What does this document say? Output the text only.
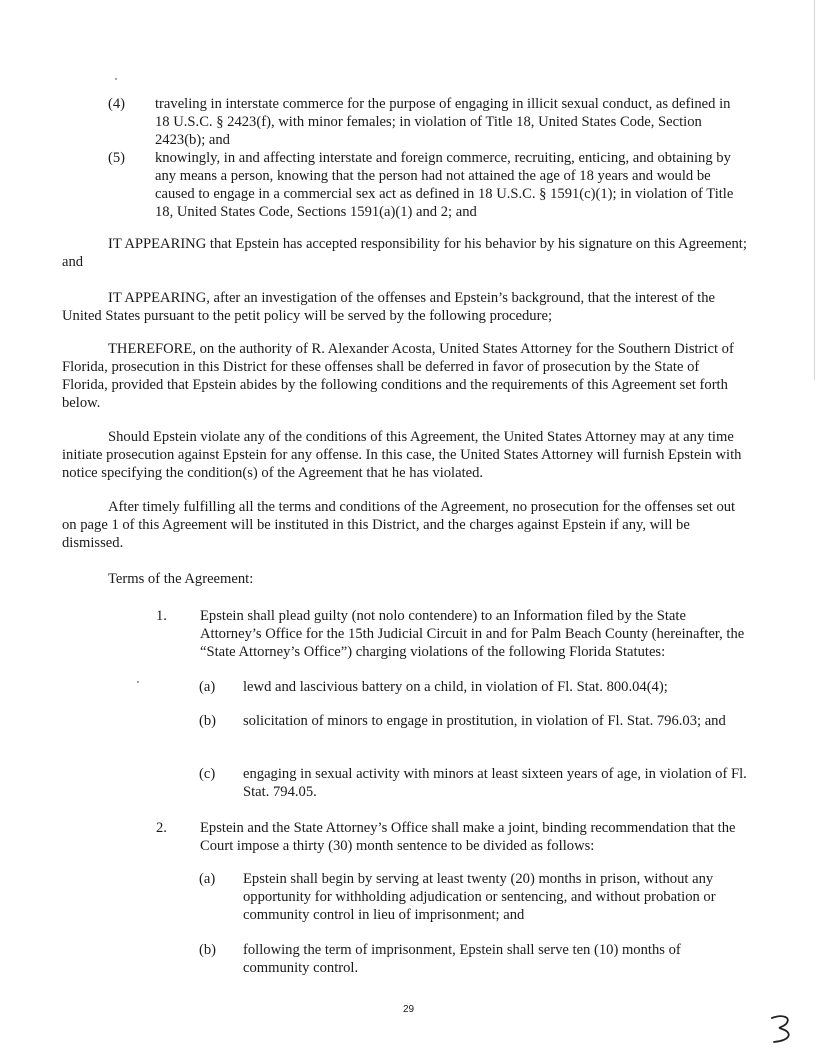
(4) traveling in interstate commerce for the purpose of engaging in illicit sexual conduct, as defined in 18 U.S.C. § 2423(f), with minor females; in violation of Title 18, United States Code, Section 2423(b); and
(5) knowingly, in and affecting interstate and foreign commerce, recruiting, enticing, and obtaining by any means a person, knowing that the person had not attained the age of 18 years and would be caused to engage in a commercial sex act as defined in 18 U.S.C. § 1591(c)(1); in violation of Title 18, United States Code, Sections 1591(a)(1) and 2; and
IT APPEARING that Epstein has accepted responsibility for his behavior by his signature on this Agreement; and
IT APPEARING, after an investigation of the offenses and Epstein’s background, that the interest of the United States pursuant to the petit policy will be served by the following procedure;
THEREFORE, on the authority of R. Alexander Acosta, United States Attorney for the Southern District of Florida, prosecution in this District for these offenses shall be deferred in favor of prosecution by the State of Florida, provided that Epstein abides by the following conditions and the requirements of this Agreement set forth below.
Should Epstein violate any of the conditions of this Agreement, the United States Attorney may at any time initiate prosecution against Epstein for any offense. In this case, the United States Attorney will furnish Epstein with notice specifying the condition(s) of the Agreement that he has violated.
After timely fulfilling all the terms and conditions of the Agreement, no prosecution for the offenses set out on page 1 of this Agreement will be instituted in this District, and the charges against Epstein if any, will be dismissed.
Terms of the Agreement:
1. Epstein shall plead guilty (not nolo contendere) to an Information filed by the State Attorney’s Office for the 15th Judicial Circuit in and for Palm Beach County (hereinafter, the “State Attorney’s Office”) charging violations of the following Florida Statutes:
(a) lewd and lascivious battery on a child, in violation of Fl. Stat. 800.04(4);
(b) solicitation of minors to engage in prostitution, in violation of Fl. Stat. 796.03; and
(c) engaging in sexual activity with minors at least sixteen years of age, in violation of Fl. Stat. 794.05.
2. Epstein and the State Attorney’s Office shall make a joint, binding recommendation that the Court impose a thirty (30) month sentence to be divided as follows:
(a) Epstein shall begin by serving at least twenty (20) months in prison, without any opportunity for withholding adjudication or sentencing, and without probation or community control in lieu of imprisonment; and
(b) following the term of imprisonment, Epstein shall serve ten (10) months of community control.
29
